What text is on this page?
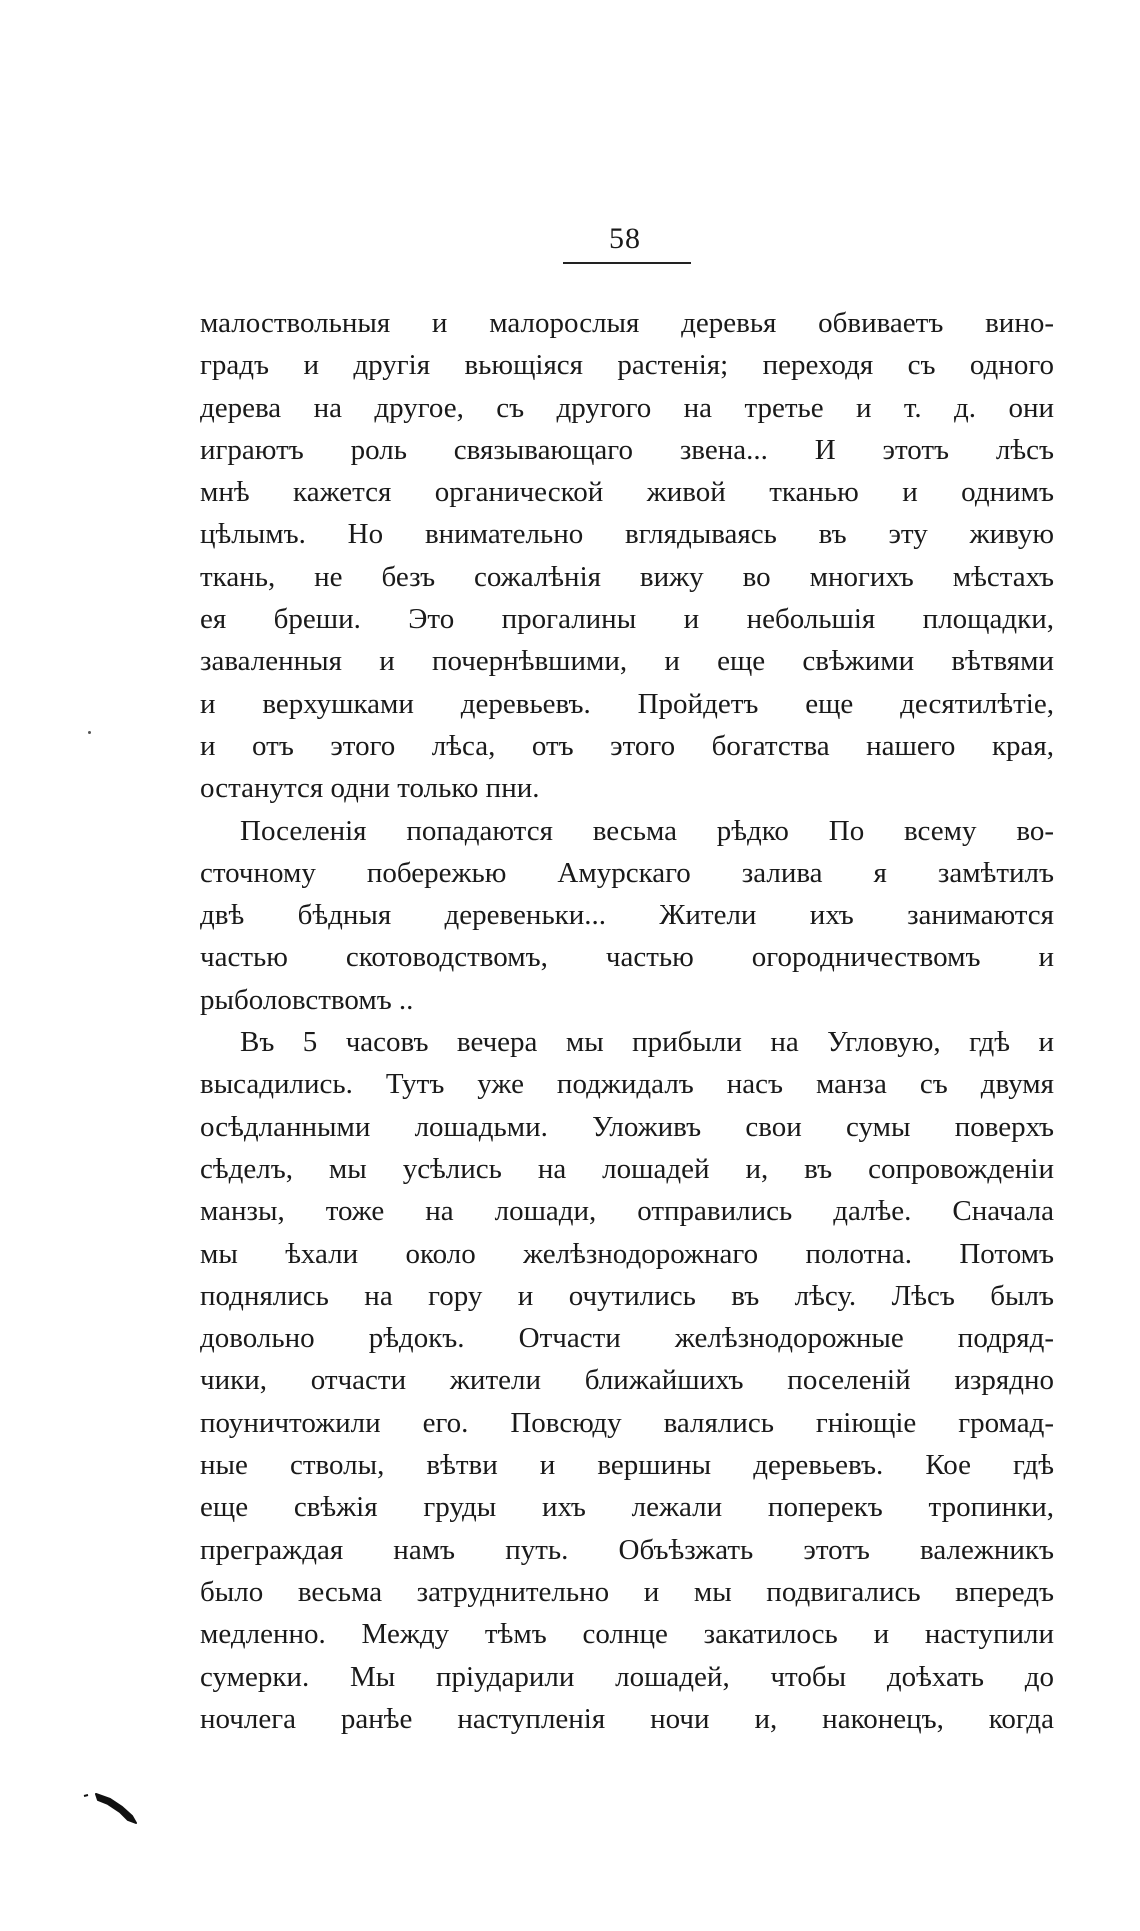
58
малоствольныя и малорослыя деревья обвиваетъ вино-
градъ и другія вьющіяся растенія; переходя съ одного
дерева на другое, съ другого на третье и т. д. они
играютъ роль связывающаго звена... И этотъ лѣсъ
мнѣ кажется органической живой тканью и однимъ
цѣлымъ. Но внимательно вглядываясь въ эту живую
ткань, не безъ сожалѣнія вижу во многихъ мѣстахъ
ея бреши. Это прогалины и небольшія площадки,
заваленныя и почернѣвшими, и еще свѣжими вѣтвями
и верхушками деревьевъ. Пройдетъ еще десятилѣтіе,
и отъ этого лѣса, отъ этого богатства нашего края,
останутся одни только пни.
Поселенія попадаются весьма рѣдко По всему во-
сточному побережью Амурскаго залива я замѣтилъ
двѣ бѣдныя деревеньки... Жители ихъ занимаются
частью скотоводствомъ, частью огородничествомъ и
рыболовствомъ ..
Въ 5 часовъ вечера мы прибыли на Угловую, гдѣ и
высадились. Тутъ уже поджидалъ насъ манза съ двумя
осѣдланными лошадьми. Уложивъ свои сумы поверхъ
сѣделъ, мы усѣлись на лошадей и, въ сопровожденіи
манзы, тоже на лошади, отправились далѣе. Сначала
мы ѣхали около желѣзнодорожнаго полотна. Потомъ
поднялись на гору и очутились въ лѣсу. Лѣсъ былъ
довольно рѣдокъ. Отчасти желѣзнодорожные подряд-
чики, отчасти жители ближайшихъ поселеній изрядно
поуничтожили его. Повсюду валялись гніющіе громад-
ные стволы, вѣтви и вершины деревьевъ. Кое гдѣ
еще свѣжія груды ихъ лежали поперекъ тропинки,
преграждая намъ путь. Объѣзжать этотъ валежникъ
было весьма затруднительно и мы подвигались впередъ
медленно. Между тѣмъ солнце закатилось и наступили
сумерки. Мы пріударили лошадей, чтобы доѣхать до
ночлега ранѣе наступленія ночи и, наконецъ, когда
